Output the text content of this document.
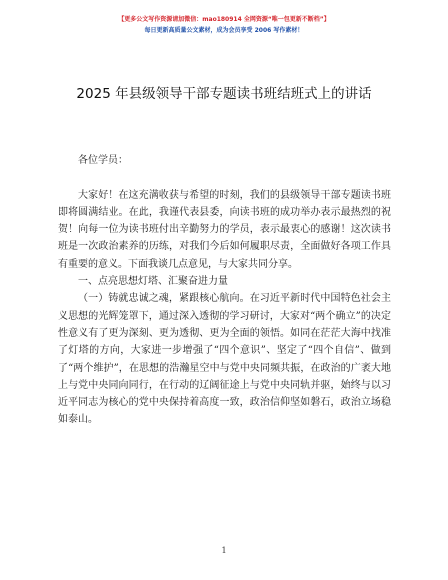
【更多公文写作资源请加微信：mao180914 全网资源“唯一包更新不断档”】
每日更新高质量公文素材，成为会员享受 2006 写作素材！
2025 年县级领导干部专题读书班结班式上的讲话

各位学员：

大家好！在这充满收获与希望的时刻，我们的县级领导干部专题读书班即将圆满结业。在此，我谨代表县委，向读书班的成功举办表示最热烈的祝贺！向每一位为读书班付出辛勤努力的学员，表示最衷心的感谢！这次读书班是一次政治素养的历练，对我们今后如何履职尽责，全面做好各项工作具有重要的意义。下面我谈几点意见，与大家共同分享。

一、点亮思想灯塔、汇聚奋进力量

（一）铸就忠诚之魂，紧跟核心航向。在习近平新时代中国特色社会主义思想的光辉笼罩下，通过深入透彻的学习研讨，大家对“两个确立”的决定性意义有了更为深刻、更为透彻、更为全面的领悟。如同在茫茫大海中找准了灯塔的方向，大家进一步增强了“四个意识”、坚定了“四个自信”、做到了“两个维护”，在思想的浩瀚星空中与党中央同频共振，在政治的广袤大地上与党中央同向同行，在行动的辽阔征途上与党中央同轨并驱，始终与以习近平同志为核心的党中央保持着高度一致，政治信仰坚如磐石，政治立场稳如泰山。

1
